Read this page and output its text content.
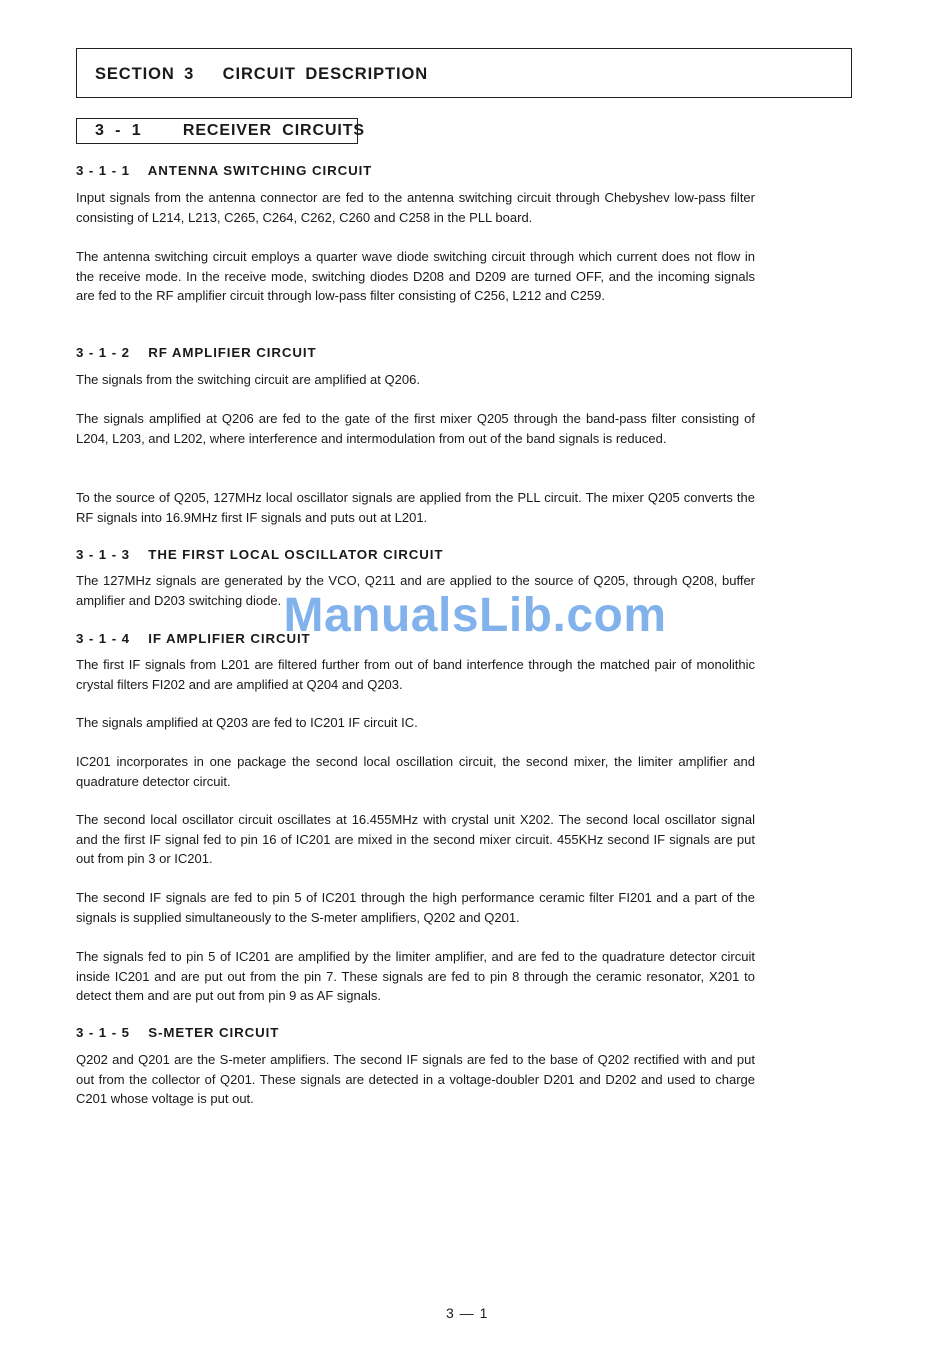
SECTION 3   CIRCUIT DESCRIPTION
3 - 1    RECEIVER CIRCUITS
3 - 1 - 1    ANTENNA SWITCHING CIRCUIT

Input signals from the antenna connector are fed to the antenna switching circuit through Chebyshev low-pass filter consisting of L214, L213, C265, C264, C262, C260 and C258 in the PLL board.

The antenna switching circuit employs a quarter wave diode switching circuit through which current does not flow in the receive mode. In the receive mode, switching diodes D208 and D209 are turned OFF, and the incoming signals are fed to the RF amplifier circuit through low-pass filter consisting of C256, L212 and C259.

3 - 1 - 2    RF AMPLIFIER CIRCUIT

The signals from the switching circuit are amplified at Q206.

The signals amplified at Q206 are fed to the gate of the first mixer Q205 through the band-pass filter consisting of L204, L203, and L202, where interference and intermodulation from out of the band signals is reduced.

To the source of Q205, 127MHz local oscillator signals are applied from the PLL circuit. The mixer Q205 converts the RF signals into 16.9MHz first IF signals and puts out at L201.

3 - 1 - 3    THE FIRST LOCAL OSCILLATOR CIRCUIT

The 127MHz signals are generated by the VCO, Q211 and are applied to the source of Q205, through Q208, buffer amplifier and D203 switching diode.

3 - 1 - 4    IF AMPLIFIER CIRCUIT

The first IF signals from L201 are filtered further from out of band interfence through the matched pair of monolithic crystal filters FI202 and are amplified at Q204 and Q203.

The signals amplified at Q203 are fed to IC201 IF circuit IC.

IC201 incorporates in one package the second local oscillation circuit, the second mixer, the limiter amplifier and quadrature detector circuit.

The second local oscillator circuit oscillates at 16.455MHz with crystal unit X202. The second local oscillator signal and the first IF signal fed to pin 16 of IC201 are mixed in the second mixer circuit. 455KHz second IF signals are put out from pin 3 or IC201.

The second IF signals are fed to pin 5 of IC201 through the high performance ceramic filter FI201 and a part of the signals is supplied simultaneously to the S-meter amplifiers, Q202 and Q201.

The signals fed to pin 5 of IC201 are amplified by the limiter amplifier, and are fed to the quadrature detector circuit inside IC201 and are put out from the pin 7. These signals are fed to pin 8 through the ceramic resonator, X201 to detect them and are put out from pin 9 as AF signals.

3 - 1 - 5    S-METER CIRCUIT

Q202 and Q201 are the S-meter amplifiers. The second IF signals are fed to the base of Q202 rectified with and put out from the collector of Q201. These signals are detected in a voltage-doubler D201 and D202 and used to charge C201 whose voltage is put out.

ManualsLib.com
3 — 1
